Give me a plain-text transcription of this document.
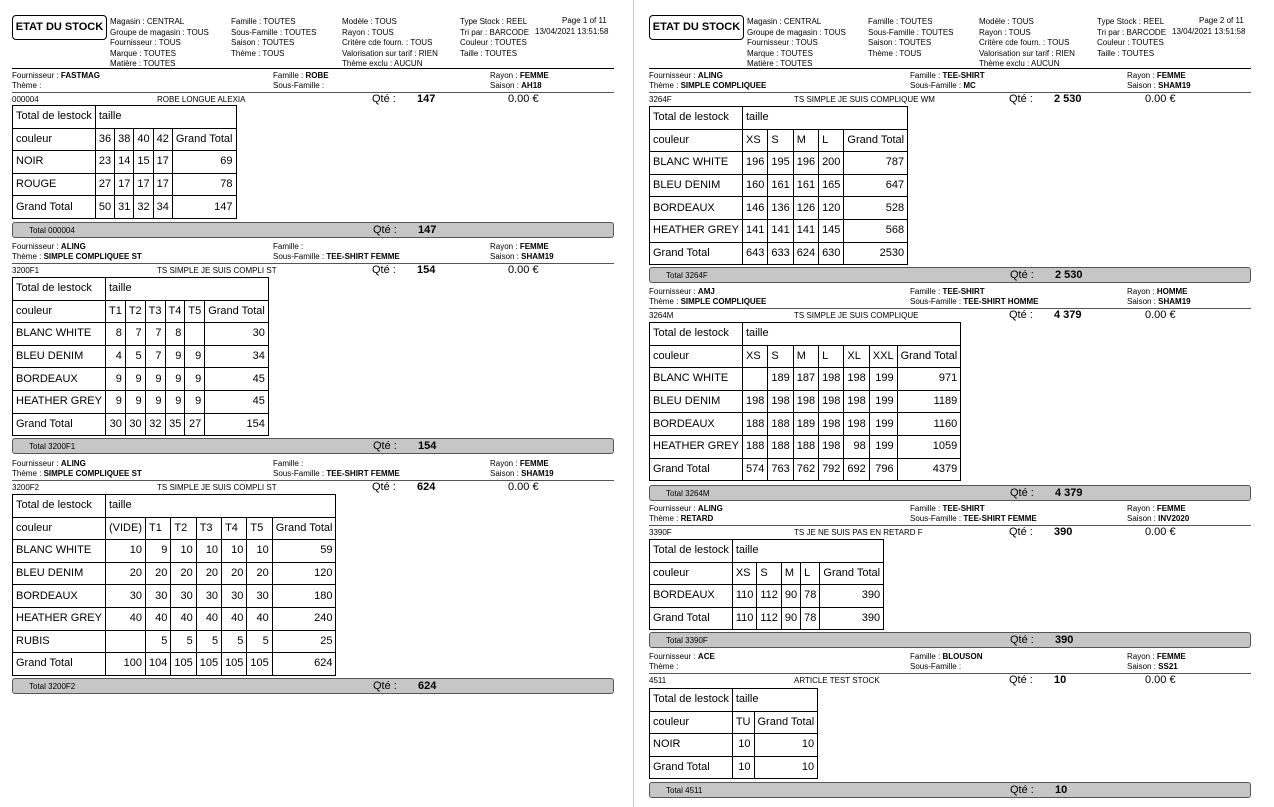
ETAT DU STOCK Magasin : CENTRAL
Groupe de magasin : TOUS
Fournisseur : TOUS
Marque : TOUTES
Matière : TOUTES
Famille : TOUTES
Sous-Famille : TOUTES
Saison : TOUTES
Thème : TOUS
Modèle : TOUS
Rayon : TOUS
Critère cde fourn. : TOUS
Valorisation sur tarif : RIEN
Thème exclu : AUCUN
Type Stock : REEL
Tri par : BARCODE
Couleur : TOUTES
Taille : TOUTES
Page 1 of 11
13/04/2021 13:51:58
Fournisseur : FASTMAG	Famille : ROBE	Rayon : FEMME
Thème :	Sous-Famille :	Saison : AH18
000004	ROBE LONGUE ALEXIA	Qté : 147	0.00 €
Total de lestock	taille				
couleur	36	38	40	42	Grand Total
NOIR	23	14	15	17	69
ROUGE	27	17	17	17	78
Grand Total	50	31	32	34	147
Total 000004	Qté : 147
Fournisseur : ALING	Famille :	Rayon : FEMME
Thème : SIMPLE COMPLIQUEE ST	Sous-Famille : TEE-SHIRT FEMME	Saison : SHAM19
3200F1	TS SIMPLE JE SUIS COMPLI ST	Qté : 154	0.00 €
Total de lestock	taille					
couleur	T1	T2	T3	T4	T5	Grand Total
BLANC WHITE	8	7	7	8		30
BLEU DENIM	4	5	7	9	9	34
BORDEAUX	9	9	9	9	9	45
HEATHER GREY	9	9	9	9	9	45
Grand Total	30	30	32	35	27	154
Total 3200F1	Qté : 154
Fournisseur : ALING	Famille :	Rayon : FEMME
Thème : SIMPLE COMPLIQUEE ST	Sous-Famille : TEE-SHIRT FEMME	Saison : SHAM19
3200F2	TS SIMPLE JE SUIS COMPLI ST	Qté : 624	0.00 €
Total de lestock	taille						
couleur	(VIDE)	T1	T2	T3	T4	T5	Grand Total
BLANC WHITE	10	9	10	10	10	10	59
BLEU DENIM	20	20	20	20	20	20	120
BORDEAUX	30	30	30	30	30	30	180
HEATHER GREY	40	40	40	40	40	40	240
RUBIS		5	5	5	5	5	25
Grand Total	100	104	105	105	105	105	624
Total 3200F2	Qté : 624
ETAT DU STOCK Magasin : CENTRAL
Groupe de magasin : TOUS
Fournisseur : TOUS
Marque : TOUTES
Matière : TOUTES
Famille : TOUTES
Sous-Famille : TOUTES
Saison : TOUTES
Thème : TOUS
Modèle : TOUS
Rayon : TOUS
Critère cde fourn. : TOUS
Valorisation sur tarif : RIEN
Thème exclu : AUCUN
Type Stock : REEL
Tri par : BARCODE
Couleur : TOUTES
Taille : TOUTES
Page 2 of 11
13/04/2021 13:51:58
Fournisseur : ALING	Famille : TEE-SHIRT	Rayon : FEMME
Thème : SIMPLE COMPLIQUEE	Sous-Famille : MC	Saison : SHAM19
3264F	TS SIMPLE JE SUIS COMPLIQUE WM	Qté : 2 530	0.00 €
Total de lestock	taille				
couleur	XS	S	M	L	Grand Total
BLANC WHITE	196	195	196	200	787
BLEU DENIM	160	161	161	165	647
BORDEAUX	146	136	126	120	528
HEATHER GREY	141	141	141	145	568
Grand Total	643	633	624	630	2530
Total 3264F	Qté : 2 530
Fournisseur : AMJ	Famille : TEE-SHIRT	Rayon : HOMME
Thème : SIMPLE COMPLIQUEE	Sous-Famille : TEE-SHIRT HOMME	Saison : SHAM19
3264M	TS SIMPLE JE SUIS COMPLIQUE	Qté : 4 379	0.00 €
Total de lestock	taille						
couleur	XS	S	M	L	XL	XXL	Grand Total
BLANC WHITE		189	187	198	198	199	971
BLEU DENIM	198	198	198	198	198	199	1189
BORDEAUX	188	188	189	198	198	199	1160
HEATHER GREY	188	188	188	198	98	199	1059
Grand Total	574	763	762	792	692	796	4379
Total 3264M	Qté : 4 379
Fournisseur : ALING	Famille : TEE-SHIRT	Rayon : FEMME
Thème : RETARD	Sous-Famille : TEE-SHIRT FEMME	Saison : INV2020
3390F	TS JE NE SUIS PAS EN RETARD F	Qté : 390	0.00 €
Total de lestock	taille				
couleur	XS	S	M	L	Grand Total
BORDEAUX	110	112	90	78	390
Grand Total	110	112	90	78	390
Total 3390F	Qté : 390
Fournisseur : ACE	Famille : BLOUSON	Rayon : FEMME
Thème :	Sous-Famille :	Saison : SS21
4511	ARTICLE TEST STOCK	Qté : 10	0.00 €
Total de lestock	taille	
couleur	TU	Grand Total
NOIR	10	10
Grand Total	10	10
Total 4511	Qté : 10
